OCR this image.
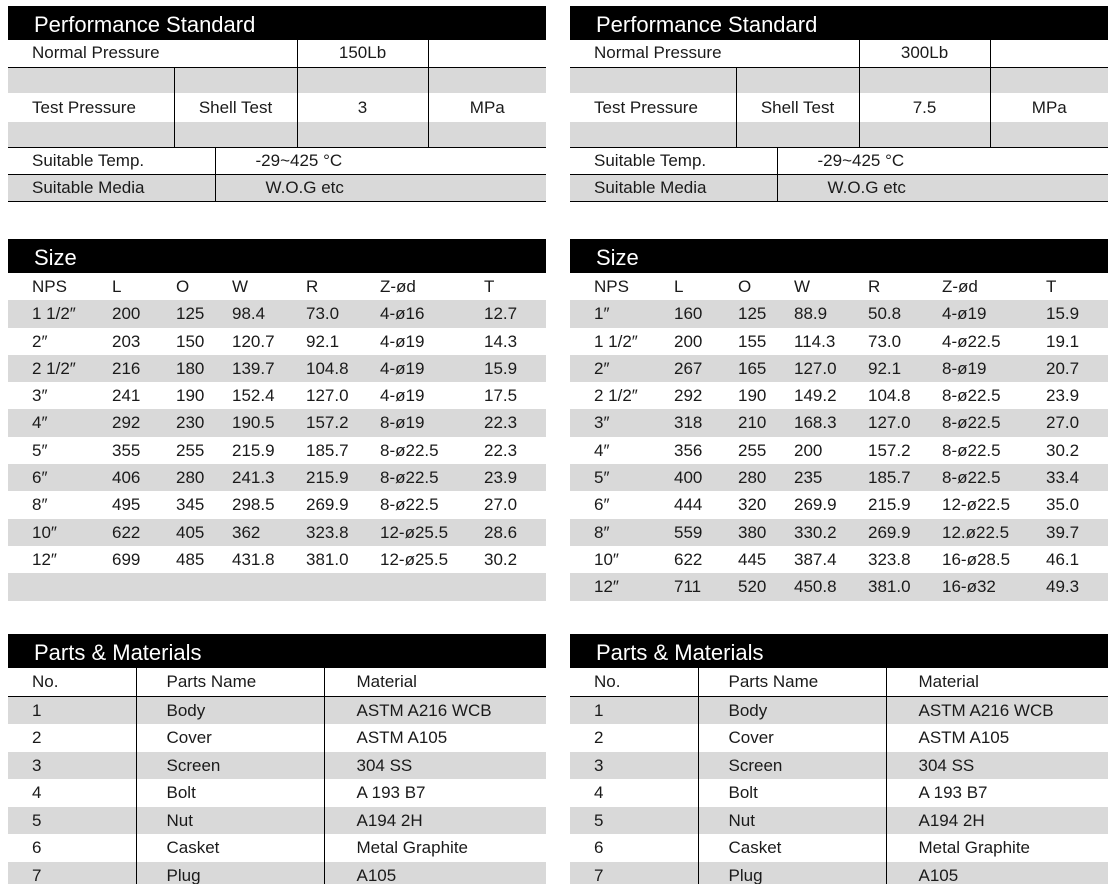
Performance Standard
Normal Pressure			150Lb	

Test Pressure	Shell Test		3	MPa

Suitable Temp.		-29~425 °C		
Suitable Media		W.O.G etc		
Size
NPS	L	O	W	R	Z-ød	T
1 1/2″	200	125	98.4	73.0	4-ø16	12.7
2″	203	150	120.7	92.1	4-ø19	14.3
2 1/2″	216	180	139.7	104.8	4-ø19	15.9
3″	241	190	152.4	127.0	4-ø19	17.5
4″	292	230	190.5	157.2	8-ø19	22.3
5″	355	255	215.9	185.7	8-ø22.5	22.3
6″	406	280	241.3	215.9	8-ø22.5	23.9
8″	495	345	298.5	269.9	8-ø22.5	27.0
10″	622	405	362	323.8	12-ø25.5	28.6
12″	699	485	431.8	381.0	12-ø25.5	30.2

Parts & Materials
No.	Parts Name	Material
1	Body	ASTM A216 WCB
2	Cover	ASTM A105
3	Screen	304 SS
4	Bolt	A 193 B7
5	Nut	A194 2H
6	Casket	Metal Graphite
7	Plug	A105
Performance Standard
Normal Pressure			300Lb	

Test Pressure	Shell Test		7.5	MPa

Suitable Temp.		-29~425 °C		
Suitable Media		W.O.G etc		
Size
NPS	L	O	W	R	Z-ød	T
1″	160	125	88.9	50.8	4-ø19	15.9
1 1/2″	200	155	114.3	73.0	4-ø22.5	19.1
2″	267	165	127.0	92.1	8-ø19	20.7
2 1/2″	292	190	149.2	104.8	8-ø22.5	23.9
3″	318	210	168.3	127.0	8-ø22.5	27.0
4″	356	255	200	157.2	8-ø22.5	30.2
5″	400	280	235	185.7	8-ø22.5	33.4
6″	444	320	269.9	215.9	12-ø22.5	35.0
8″	559	380	330.2	269.9	12.ø22.5	39.7
10″	622	445	387.4	323.8	16-ø28.5	46.1
12″	711	520	450.8	381.0	16-ø32	49.3
Parts & Materials
No.	Parts Name	Material
1	Body	ASTM A216 WCB
2	Cover	ASTM A105
3	Screen	304 SS
4	Bolt	A 193 B7
5	Nut	A194 2H
6	Casket	Metal Graphite
7	Plug	A105
